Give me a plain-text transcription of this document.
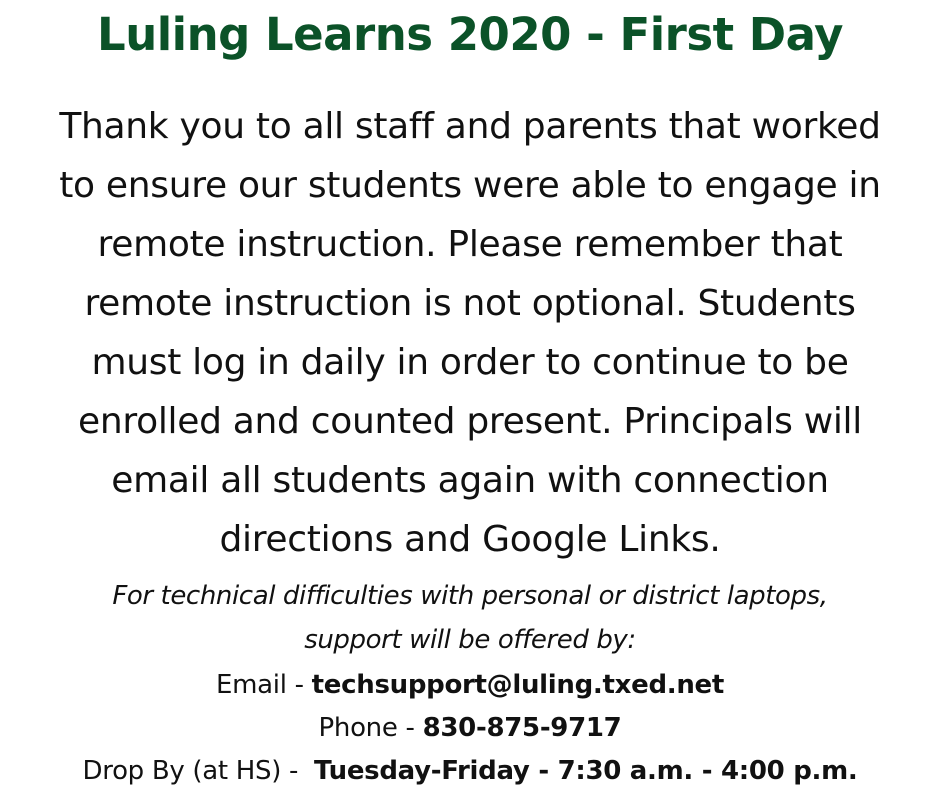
Luling Learns 2020 - First Day
Thank you to all staff and parents that worked
to ensure our students were able to engage in
remote instruction. Please remember that
remote instruction is not optional. Students
must log in daily in order to continue to be
enrolled and counted present. Principals will
email all students again with connection
directions and Google Links.
For technical difficulties with personal or district laptops,
support will be offered by:
Email - techsupport@luling.txed.net
Phone - 830-875-9717
Drop By (at HS) -  Tuesday-Friday - 7:30 a.m. - 4:00 p.m.
